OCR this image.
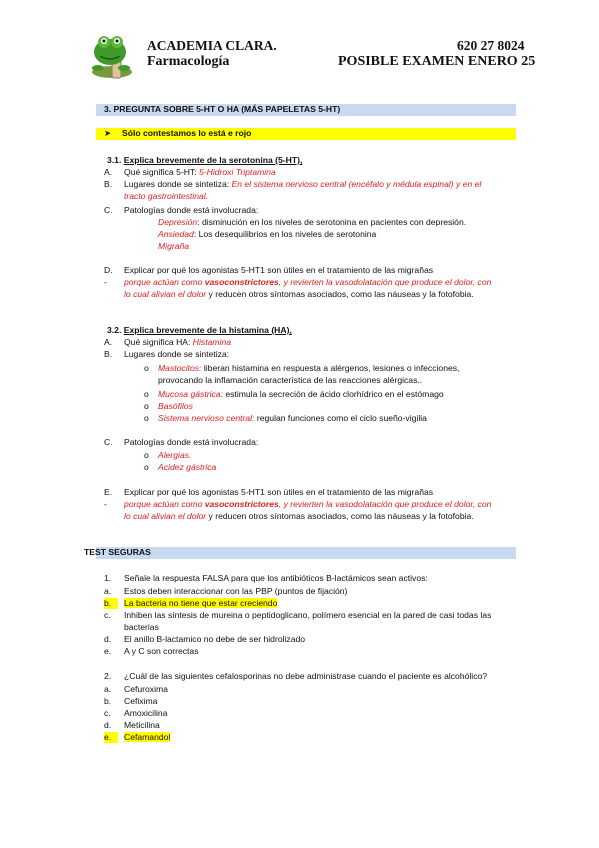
ACADEMIA CLARA.
Farmacología
620 27 8024
POSIBLE EXAMEN ENERO 25
3. PREGUNTA SOBRE 5-HT O HA (MÁS PAPELETAS 5-HT)
➤ Sólo contestamos lo está e rojo
3.1. Explica brevemente de la serotonina (5-HT),
A. Qué significa 5-HT: 5-Hidroxi Triptamina
B. Lugares donde se sintetiza: En el sistema nervioso central (encéfalo y médula espinal) y en el
tracto gastrointestinal.
C. Patologías donde está involucrada:
Depresión: disminución en los niveles de serotonina en pacientes con depresión.
Ansiedad: Los desequilibrios en los niveles de serotonina
Migraña
D. Explicar por qué los agonistas 5-HT1 son útiles en el tratamiento de las migrañas
- porque actúan como vasoconstrictores, y revierten la vasodolatación que produce el dolor, con
lo cual alivian el dolor y reducen otros síntomas asociados, como las náuseas y la fotofobia.
3.2. Explica brevemente de la histamina (HA),
A. Qué significa HA: Histamina
B. Lugares donde se sintetiza:
o Mastocitos: liberan histamina en respuesta a alérgenos, lesiones o infecciones,
provocando la inflamación característica de las reacciones alérgicas..
o Mucosa gástrica: estimula la secreción de ácido clorhídrico en el estómago
o Basófilos
o Sistema nervioso central: regulan funciones como el ciclo sueño-vigilia
C. Patologías donde está involucrada:
o Alergias.
o Acidez gástrica
E. Explicar por qué los agonistas 5-HT1 son útiles en el tratamiento de las migrañas
- porque actúan como vasoconstrictores, y revierten la vasodolatación que produce el dolor, con
lo cual alivian el dolor y reducen otros síntomas asociados, como las náuseas y la fotofobia.
TEST SEGURAS
1. Señale la respuesta FALSA para que los antibióticos B-lactámicos sean activos:
a. Estos deben interaccionar con las PBP (puntos de fijación)
b. La bacteria no tiene que estar creciendo
c. Inhiben las síntesis de mureina o peptidoglicano, polímero esencial en la pared de casi todas las
bacterias
d. El anillo B-lactamico no debe de ser hidrolizado
e. A y C son correctas
2. ¿Cuál de las siguientes cefalosporinas no debe administrase cuando el paciente es alcohólico?
a. Cefuroxima
b. Cefixima
c. Amoxicilina
d. Meticilina
e. Cefamandol
